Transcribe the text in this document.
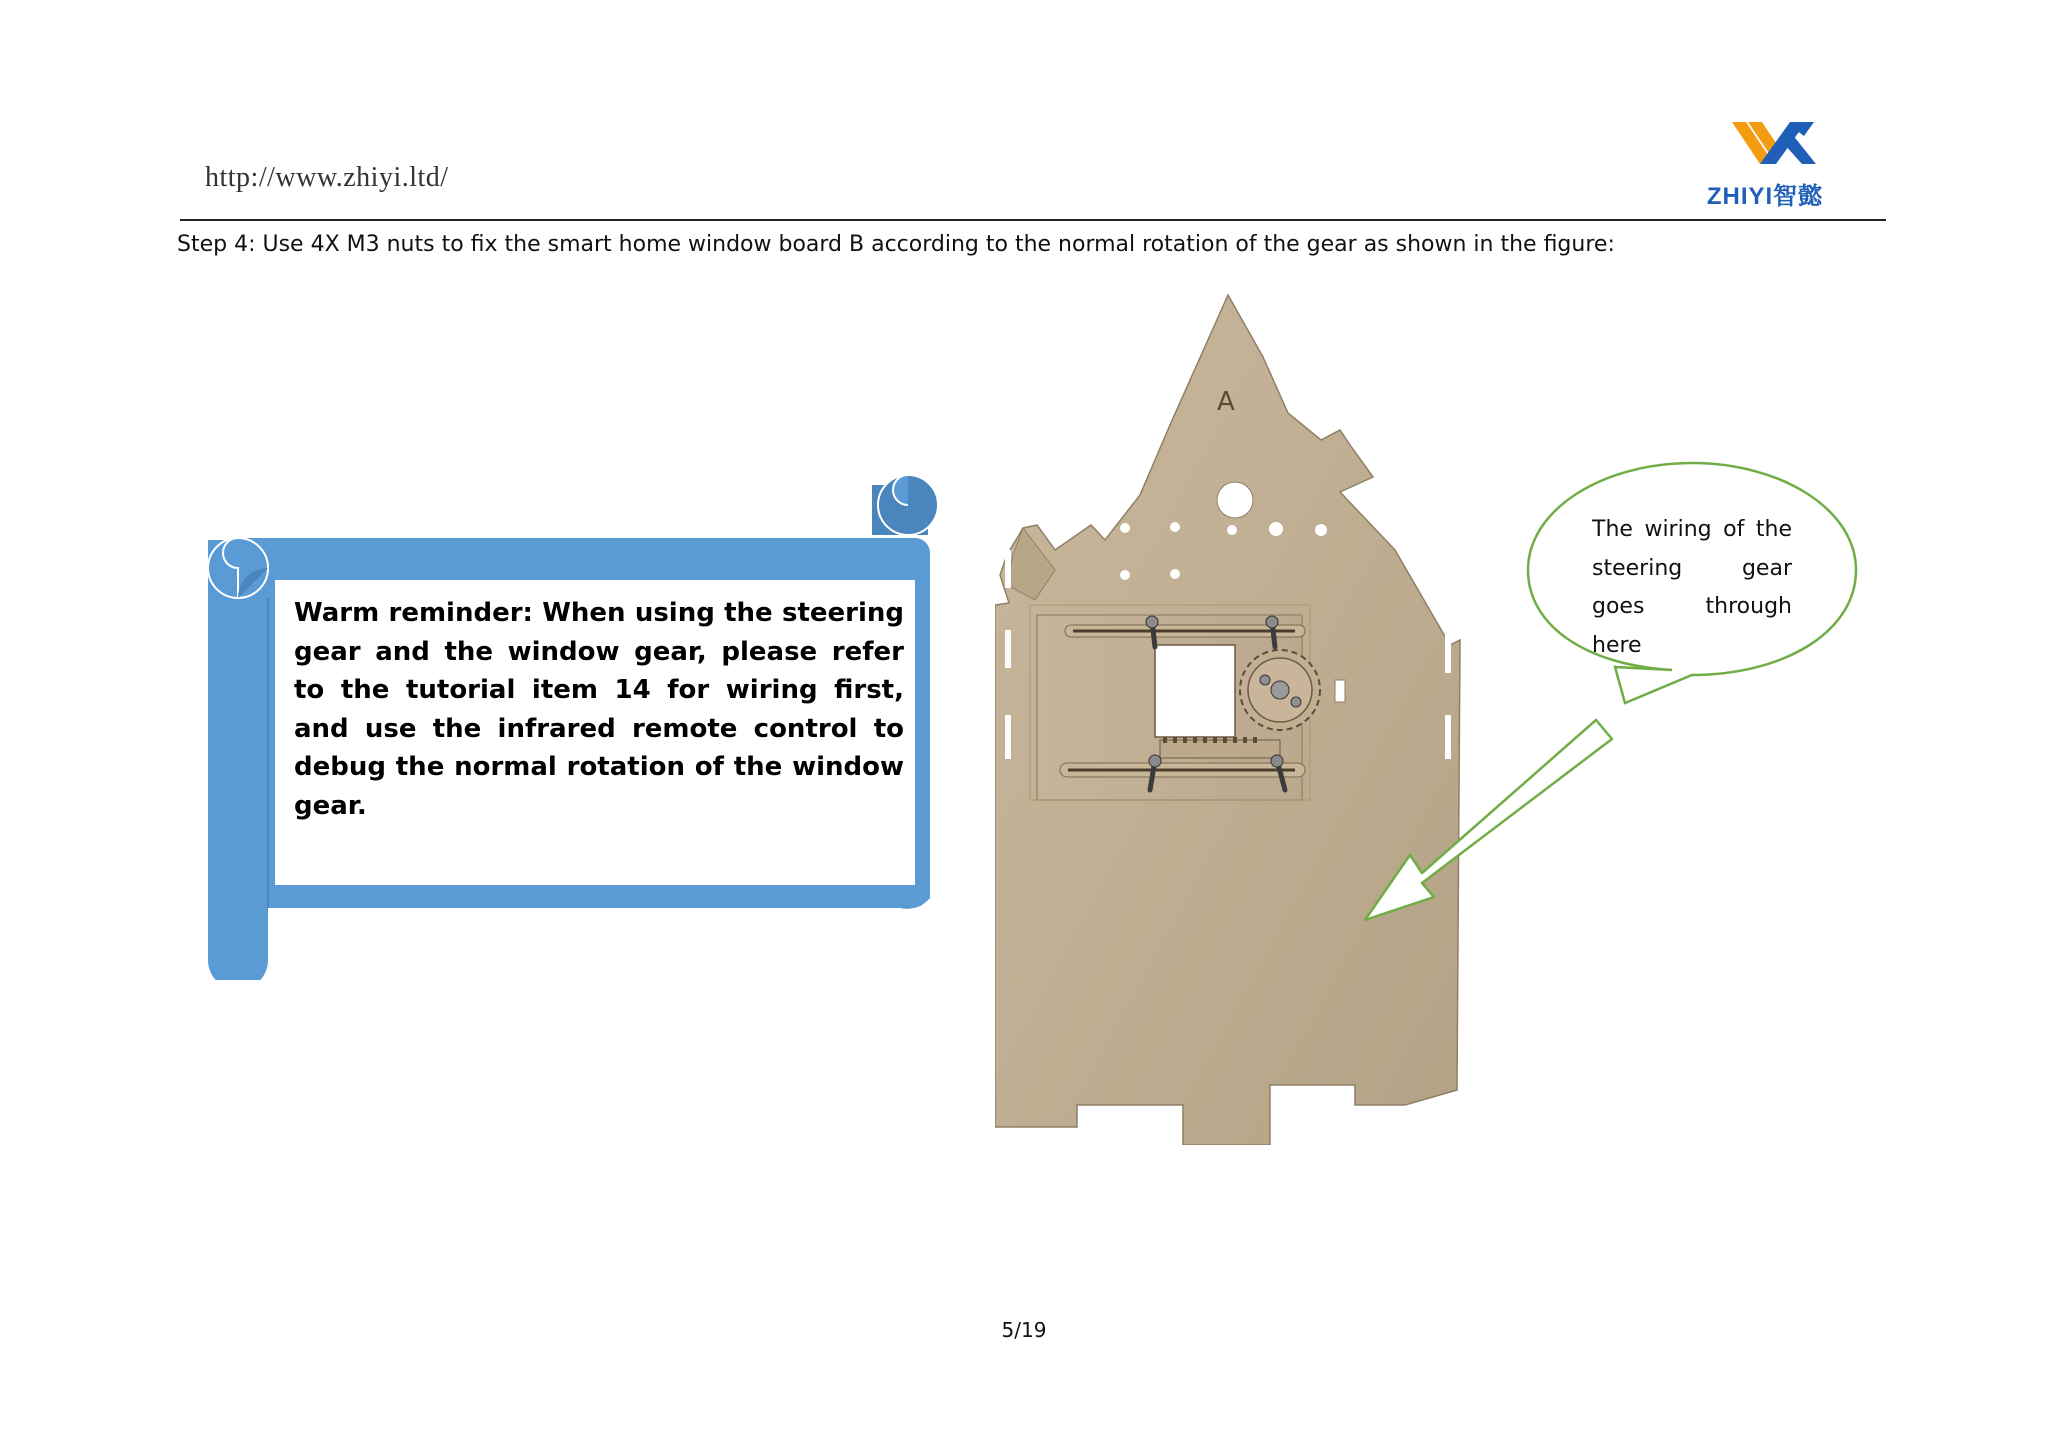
http://www.zhiyi.ltd/
ZHIYI智懿
Step 4: Use 4X M3 nuts to fix the smart home window board B according to the normal rotation of the gear as shown in the figure:
Warm reminder: When using the steering gear and the window gear, please refer to the tutorial item 14 for wiring first, and use the infrared remote control to debug the normal rotation of the window gear.
A
The wiring of the steering gear goes through here
5/19
